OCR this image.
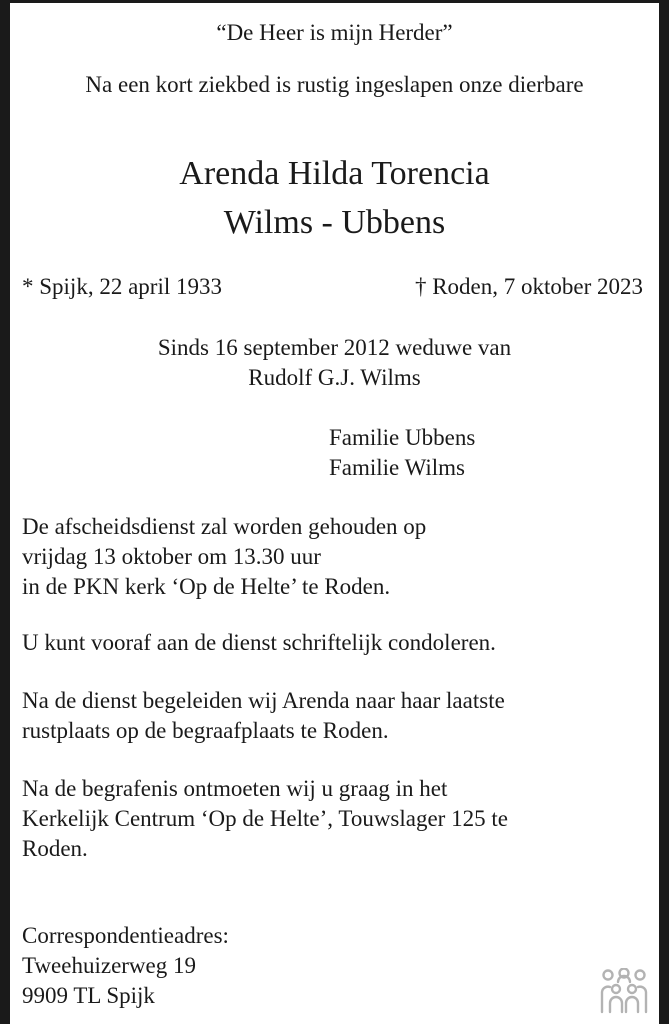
“De Heer is mijn Herder”
Na een kort ziekbed is rustig ingeslapen onze dierbare
Arenda Hilda Torencia
Wilms - Ubbens
* Spijk, 22 april 1933	† Roden, 7 oktober 2023
Sinds 16 september 2012 weduwe van
Rudolf G.J. Wilms
Familie Ubbens
Familie Wilms
De afscheidsdienst zal worden gehouden op
vrijdag 13 oktober om 13.30 uur
in de PKN kerk ‘Op de Helte’ te Roden.
U kunt vooraf aan de dienst schriftelijk condoleren.
Na de dienst begeleiden wij Arenda naar haar laatste
rustplaats op de begraafplaats te Roden.
Na de begrafenis ontmoeten wij u graag in het
Kerkelijk Centrum ‘Op de Helte’, Touwslager 125 te
Roden.
Correspondentieadres:
Tweehuizerweg 19
9909 TL Spijk
